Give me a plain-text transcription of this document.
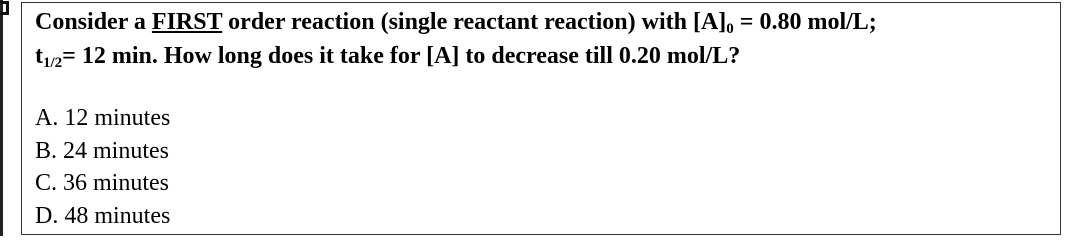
Consider a FIRST order reaction (single reactant reaction) with [A]0 = 0.80 mol/L;
t1/2= 12 min. How long does it take for [A] to decrease till 0.20 mol/L?

A. 12 minutes
B. 24 minutes
C. 36 minutes
D. 48 minutes
